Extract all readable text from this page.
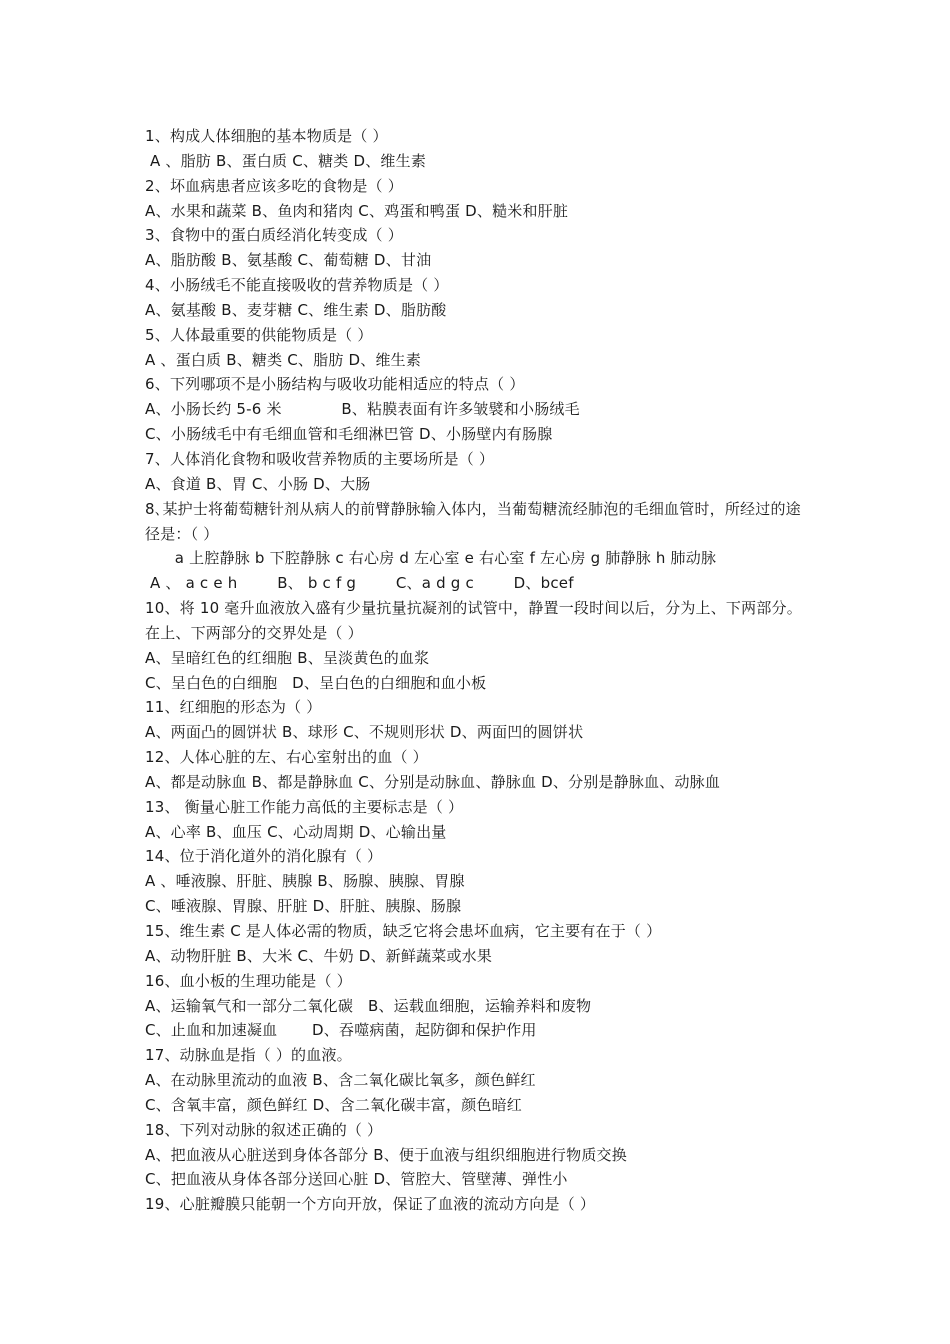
1、构成人体细胞的基本物质是（ ）
A 、脂肪 B、蛋白质 C、糖类 D、维生素
2、坏血病患者应该多吃的食物是（ ）
A、水果和蔬菜 B、鱼肉和猪肉 C、鸡蛋和鸭蛋 D、糙米和肝脏
3、食物中的蛋白质经消化转变成（ ）
A、脂肪酸 B、氨基酸 C、葡萄糖 D、甘油
4、小肠绒毛不能直接吸收的营养物质是（ ）
A、氨基酸 B、麦芽糖 C、维生素 D、脂肪酸
5、人体最重要的供能物质是（ ）
A 、蛋白质 B、糖类 C、脂肪 D、维生素
6、下列哪项不是小肠结构与吸收功能相适应的特点（ ）
A、小肠长约 5-6 米            B、粘膜表面有许多皱襞和小肠绒毛
C、小肠绒毛中有毛细血管和毛细淋巴管 D、小肠壁内有肠腺
7、人体消化食物和吸收营养物质的主要场所是（ ）
A、食道 B、胃 C、小肠 D、大肠
8､某护士将葡萄糖针剂从病人的前臂静脉输入体内，当葡萄糖流经肺泡的毛细血管时，所经过的途径是：（ ）
a 上腔静脉 b 下腔静脉 c 右心房 d 左心室 e 右心室 f 左心房 g 肺静脉 h 肺动脉
A 、 a c e h        B、 b c f g        C、a d g c        D、bcef
10、将 10 毫升血液放入盛有少量抗量抗凝剂的试管中，静置一段时间以后，分为上、下两部分。在上、下两部分的交界处是（ ）
A、呈暗红色的红细胞 B、呈淡黄色的血浆
C、呈白色的白细胞   D、呈白色的白细胞和血小板
11、红细胞的形态为（ ）
A、两面凸的圆饼状 B、球形 C、不规则形状 D、两面凹的圆饼状
12、人体心脏的左、右心室射出的血（ ）
A、都是动脉血 B、都是静脉血 C、分别是动脉血、静脉血 D、分别是静脉血、动脉血
13、 衡量心脏工作能力高低的主要标志是（ ）
A、心率 B、血压 C、心动周期 D、心输出量
14、位于消化道外的消化腺有（ ）
A 、唾液腺、肝脏、胰腺 B、肠腺、胰腺、胃腺
C、唾液腺、胃腺、肝脏 D、肝脏、胰腺、肠腺
15、维生素 C 是人体必需的物质，缺乏它将会患坏血病，它主要有在于（ ）
A、动物肝脏 B、大米 C、牛奶 D、新鲜蔬菜或水果
16、血小板的生理功能是（ ）
A、运输氧气和一部分二氧化碳   B、运载血细胞，运输养料和废物
C、止血和加速凝血       D、吞噬病菌，起防御和保护作用
17、动脉血是指（ ）的血液。
A、在动脉里流动的血液 B、含二氧化碳比氧多，颜色鲜红
C、含氧丰富，颜色鲜红 D、含二氧化碳丰富，颜色暗红
18、下列对动脉的叙述正确的（ ）
A、把血液从心脏送到身体各部分 B、便于血液与组织细胞进行物质交换
C、把血液从身体各部分送回心脏 D、管腔大、管壁薄、弹性小
19、心脏瓣膜只能朝一个方向开放，保证了血液的流动方向是（ ）
